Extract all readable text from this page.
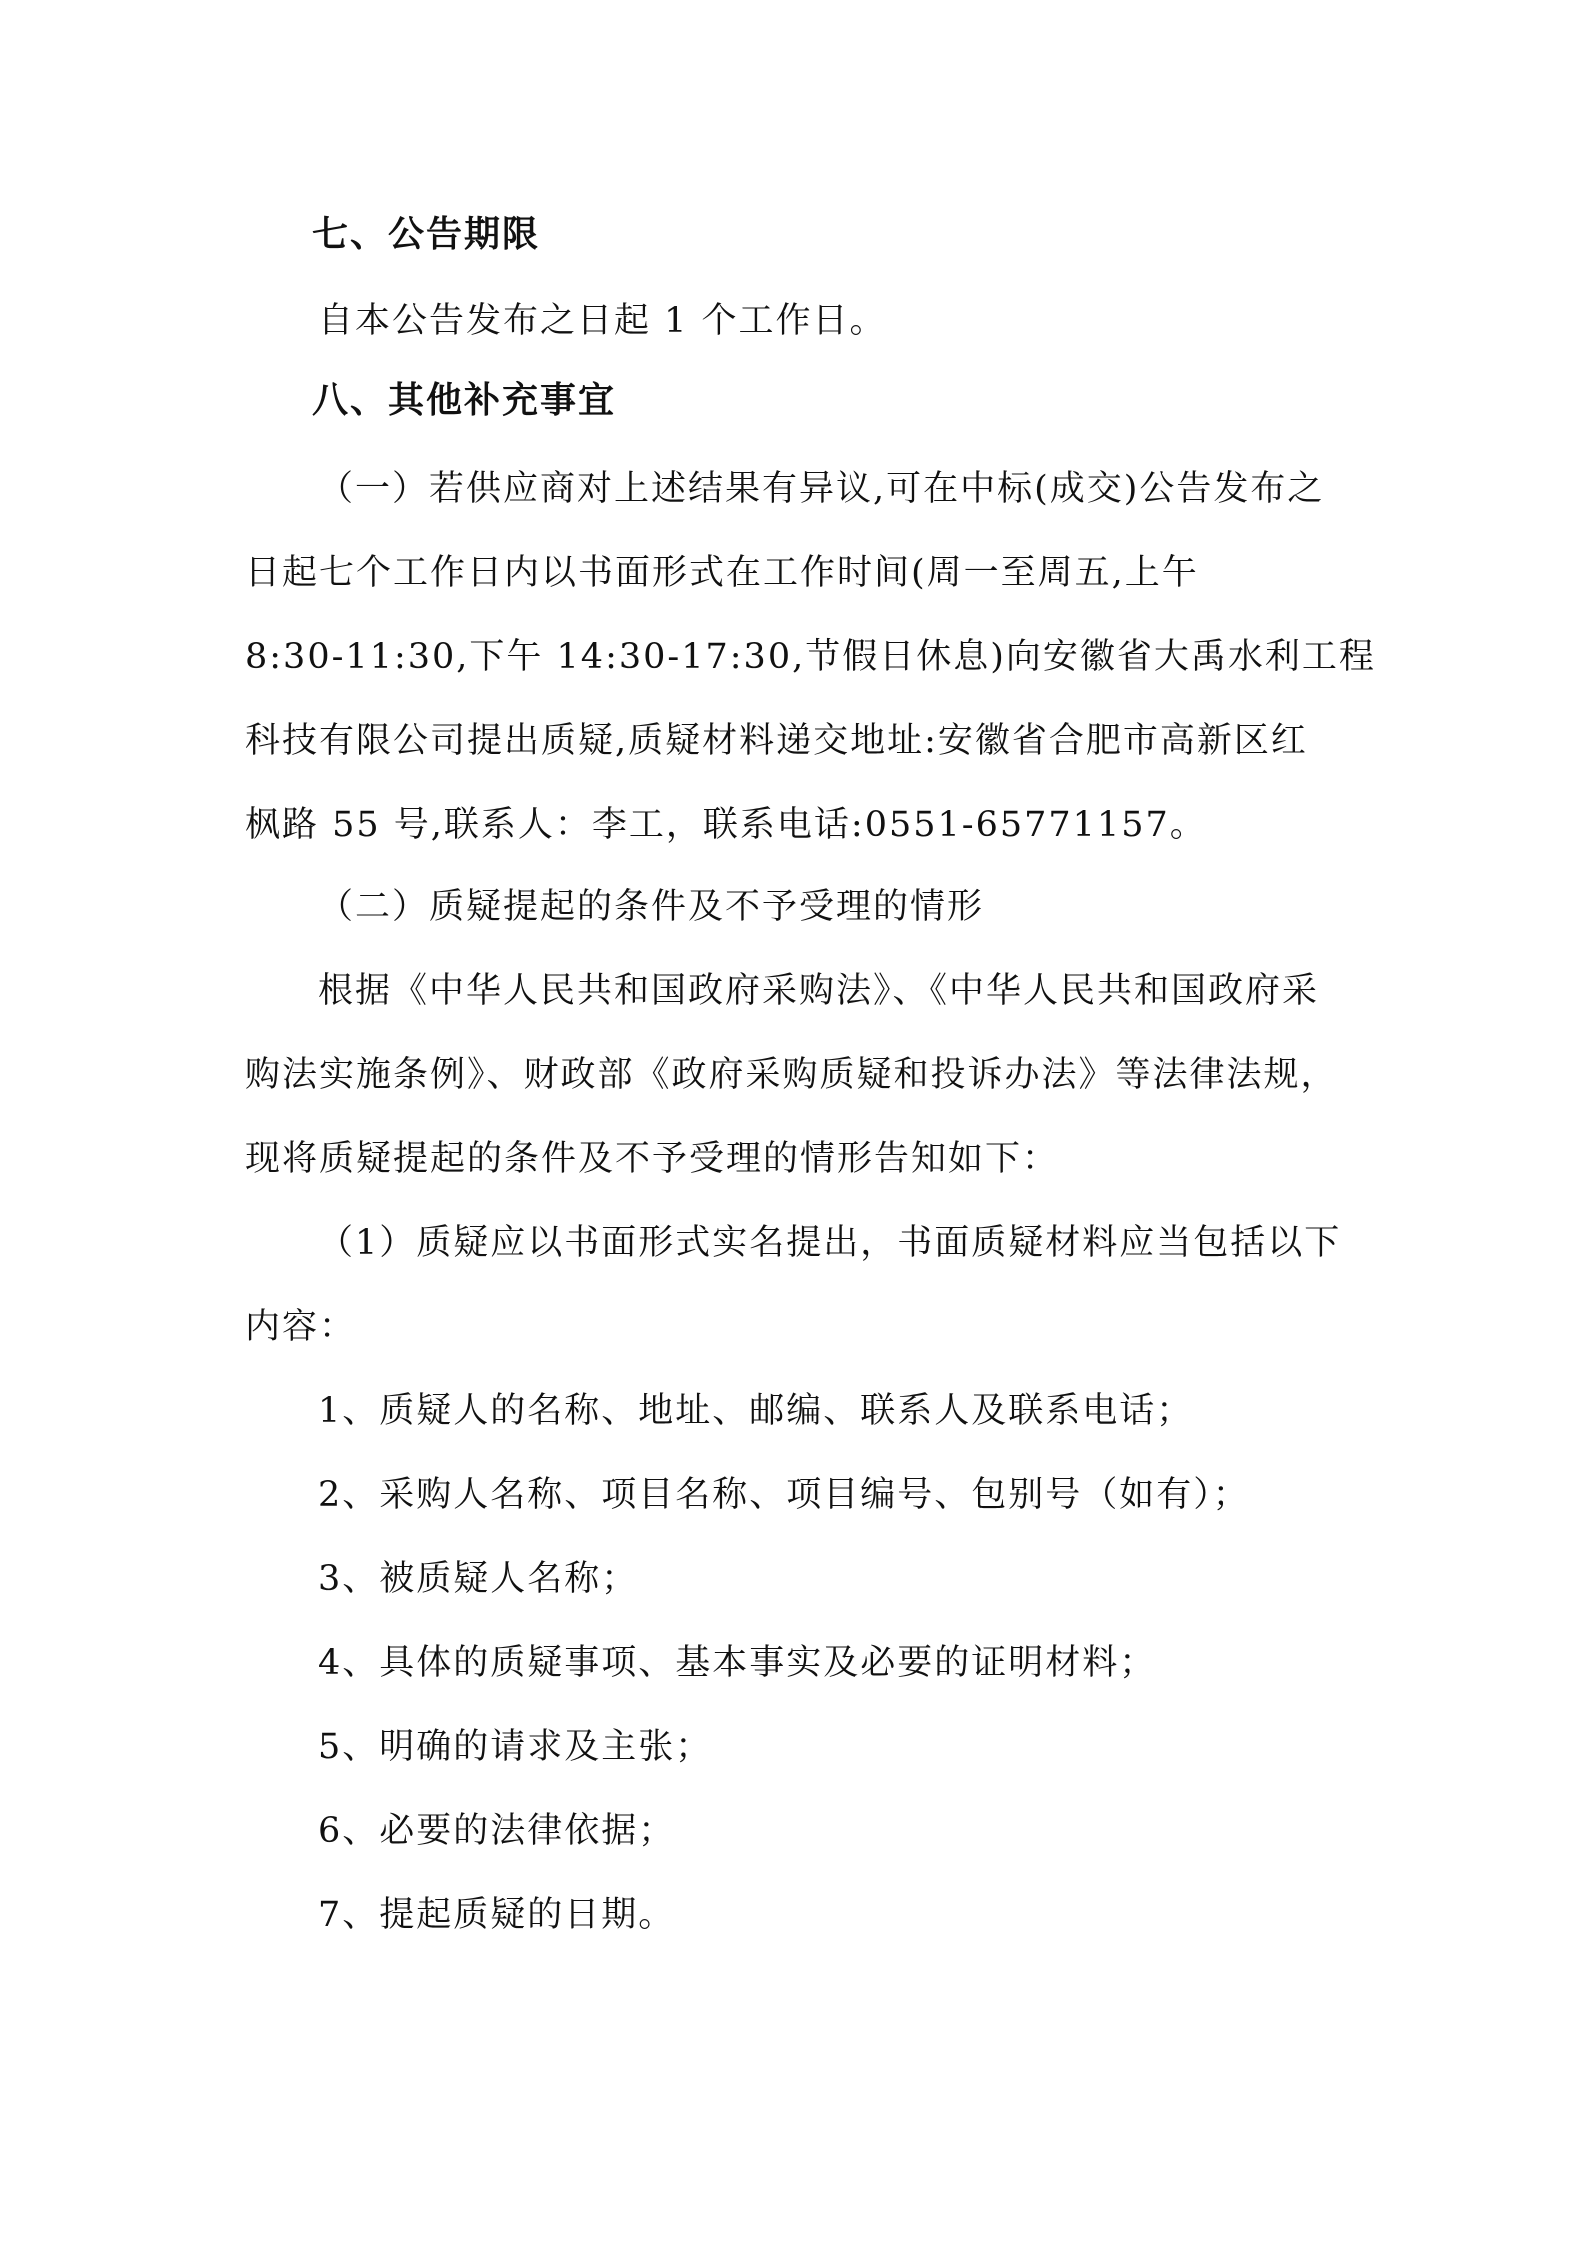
七、公告期限
自本公告发布之日起 1 个工作日。
八、其他补充事宜
（一）若供应商对上述结果有异议,可在中标(成交)公告发布之
日起七个工作日内以书面形式在工作时间(周一至周五,上午
8:30-11:30,下午 14:30-17:30,节假日休息)向安徽省大禹水利工程
科技有限公司提出质疑,质疑材料递交地址:安徽省合肥市高新区红
枫路 55 号,联系人：李工，联系电话:0551-65771157。
（二）质疑提起的条件及不予受理的情形
根据《中华人民共和国政府采购法》、《中华人民共和国政府采
购法实施条例》、财政部《政府采购质疑和投诉办法》等法律法规，
现将质疑提起的条件及不予受理的情形告知如下：
（1）质疑应以书面形式实名提出，书面质疑材料应当包括以下
内容：
1、质疑人的名称、地址、邮编、联系人及联系电话；
2、采购人名称、项目名称、项目编号、包别号（如有）；
3、被质疑人名称；
4、具体的质疑事项、基本事实及必要的证明材料；
5、明确的请求及主张；
6、必要的法律依据；
7、提起质疑的日期。
